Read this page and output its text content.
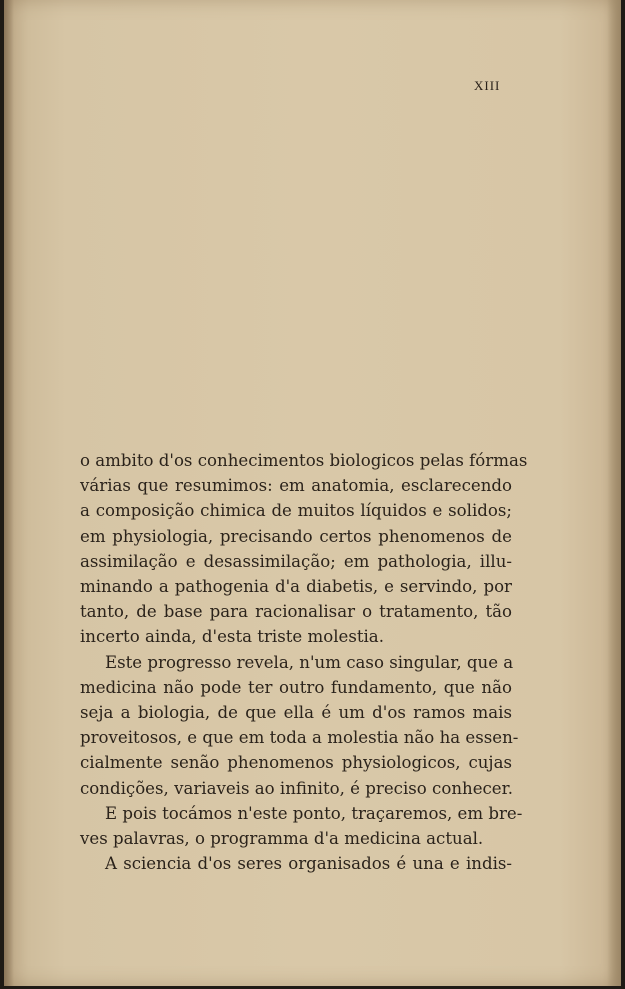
XIII
o ambito d'os conhecimentos biologicos pelas fórmas
várias que resumimos: em anatomia, esclarecendo
a composição chimica de muitos líquidos e solidos;
em physiologia, precisando certos phenomenos de
assimilação e desassimilação; em pathologia, illu-
minando a pathogenia d'a diabetis, e servindo, por
tanto, de base para racionalisar o tratamento, tão
incerto ainda, d'esta triste molestia.
Este progresso revela, n'um caso singular, que a
medicina não pode ter outro fundamento, que não
seja a biologia, de que ella é um d'os ramos mais
proveitosos, e que em toda a molestia não ha essen-
cialmente senão phenomenos physiologicos, cujas
condições, variaveis ao infinito, é preciso conhecer.
E pois tocámos n'este ponto, traçaremos, em bre-
ves palavras, o programma d'a medicina actual.
A sciencia d'os seres organisados é una e indis-
